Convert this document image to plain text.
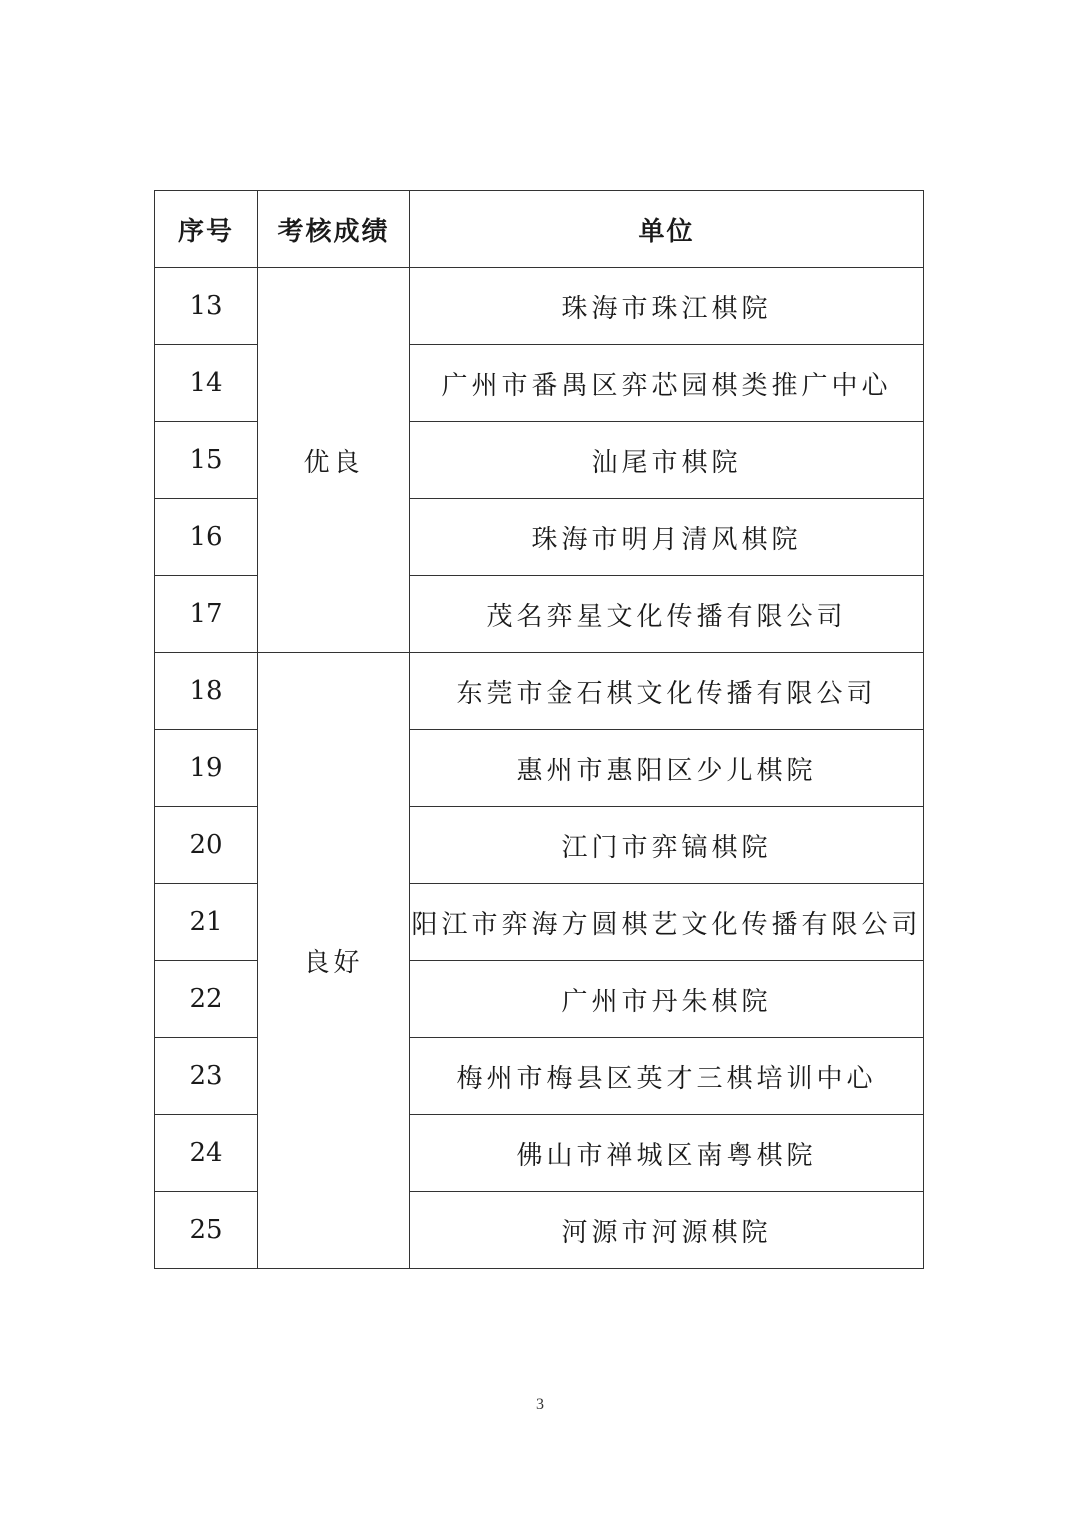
序号	考核成绩	单位
13	优良	珠海市珠江棋院
14		广州市番禺区弈芯园棋类推广中心
15		汕尾市棋院
16		珠海市明月清风棋院
17		茂名弈星文化传播有限公司
18	良好	东莞市金石棋文化传播有限公司
19		惠州市惠阳区少儿棋院
20		江门市弈镐棋院
21		阳江市弈海方圆棋艺文化传播有限公司
22		广州市丹朱棋院
23		梅州市梅县区英才三棋培训中心
24		佛山市禅城区南粤棋院
25		河源市河源棋院
3
